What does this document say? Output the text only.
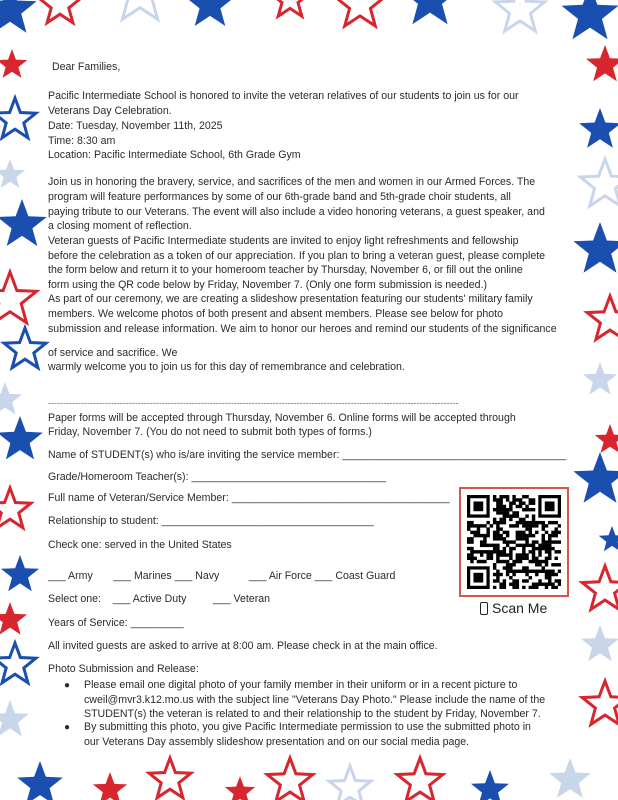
Dear Families,
Pacific Intermediate School is honored to invite the veteran relatives of our students to join us for our
Veterans Day Celebration.
Date: Tuesday, November 11th, 2025
Time: 8:30 am
Location: Pacific Intermediate School, 6th Grade Gym
Join us in honoring the bravery, service, and sacrifices of the men and women in our Armed Forces. The
program will feature performances by some of our 6th-grade band and 5th-grade choir students, all
paying tribute to our Veterans. The event will also include a video honoring veterans, a guest speaker, and
a closing moment of reflection.
Veteran guests of Pacific Intermediate students are invited to enjoy light refreshments and fellowship
before the celebration as a token of our appreciation. If you plan to bring a veteran guest, please complete
the form below and return it to your homeroom teacher by Thursday, November 6, or fill out the online
form using the QR code below by Friday, November 7. (Only one form submission is needed.)
As part of our ceremony, we are creating a slideshow presentation featuring our students' military family
members. We welcome photos of both present and absent members. Please see below for photo
submission and release information. We aim to honor our heroes and remind our students of the significance
of service and sacrifice. We
warmly welcome you to join us for this day of remembrance and celebration.
-----------------------------------------------------------------------------------------------------------------------------------------
Paper forms will be accepted through Thursday, November 6. Online forms will be accepted through
Friday, November 7. (You do not need to submit both types of forms.)
Name of STUDENT(s) who is/are inviting the service member: ______________________________________
Grade/Homeroom Teacher(s): _________________________________
Full name of Veteran/Service Member: _____________________________________
Relationship to student: ____________________________________
Check one: served in the United States
___ Army       ___ Marines ___ Navy          ___ Air Force ___ Coast Guard
Select one:    ___ Active Duty         ___ Veteran
Years of Service: _________
All invited guests are asked to arrive at 8:00 am. Please check in at the main office.
Photo Submission and Release:
● Please email one digital photo of your family member in their uniform or in a recent picture to
cweil@mvr3.k12.mo.us with the subject line "Veterans Day Photo." Please include the name of the
STUDENT(s) the veteran is related to and their relationship to the student by Friday, November 7.
● By submitting this photo, you give Pacific Intermediate permission to use the submitted photo in
our Veterans Day assembly slideshow presentation and on our social media page.
Scan Me
